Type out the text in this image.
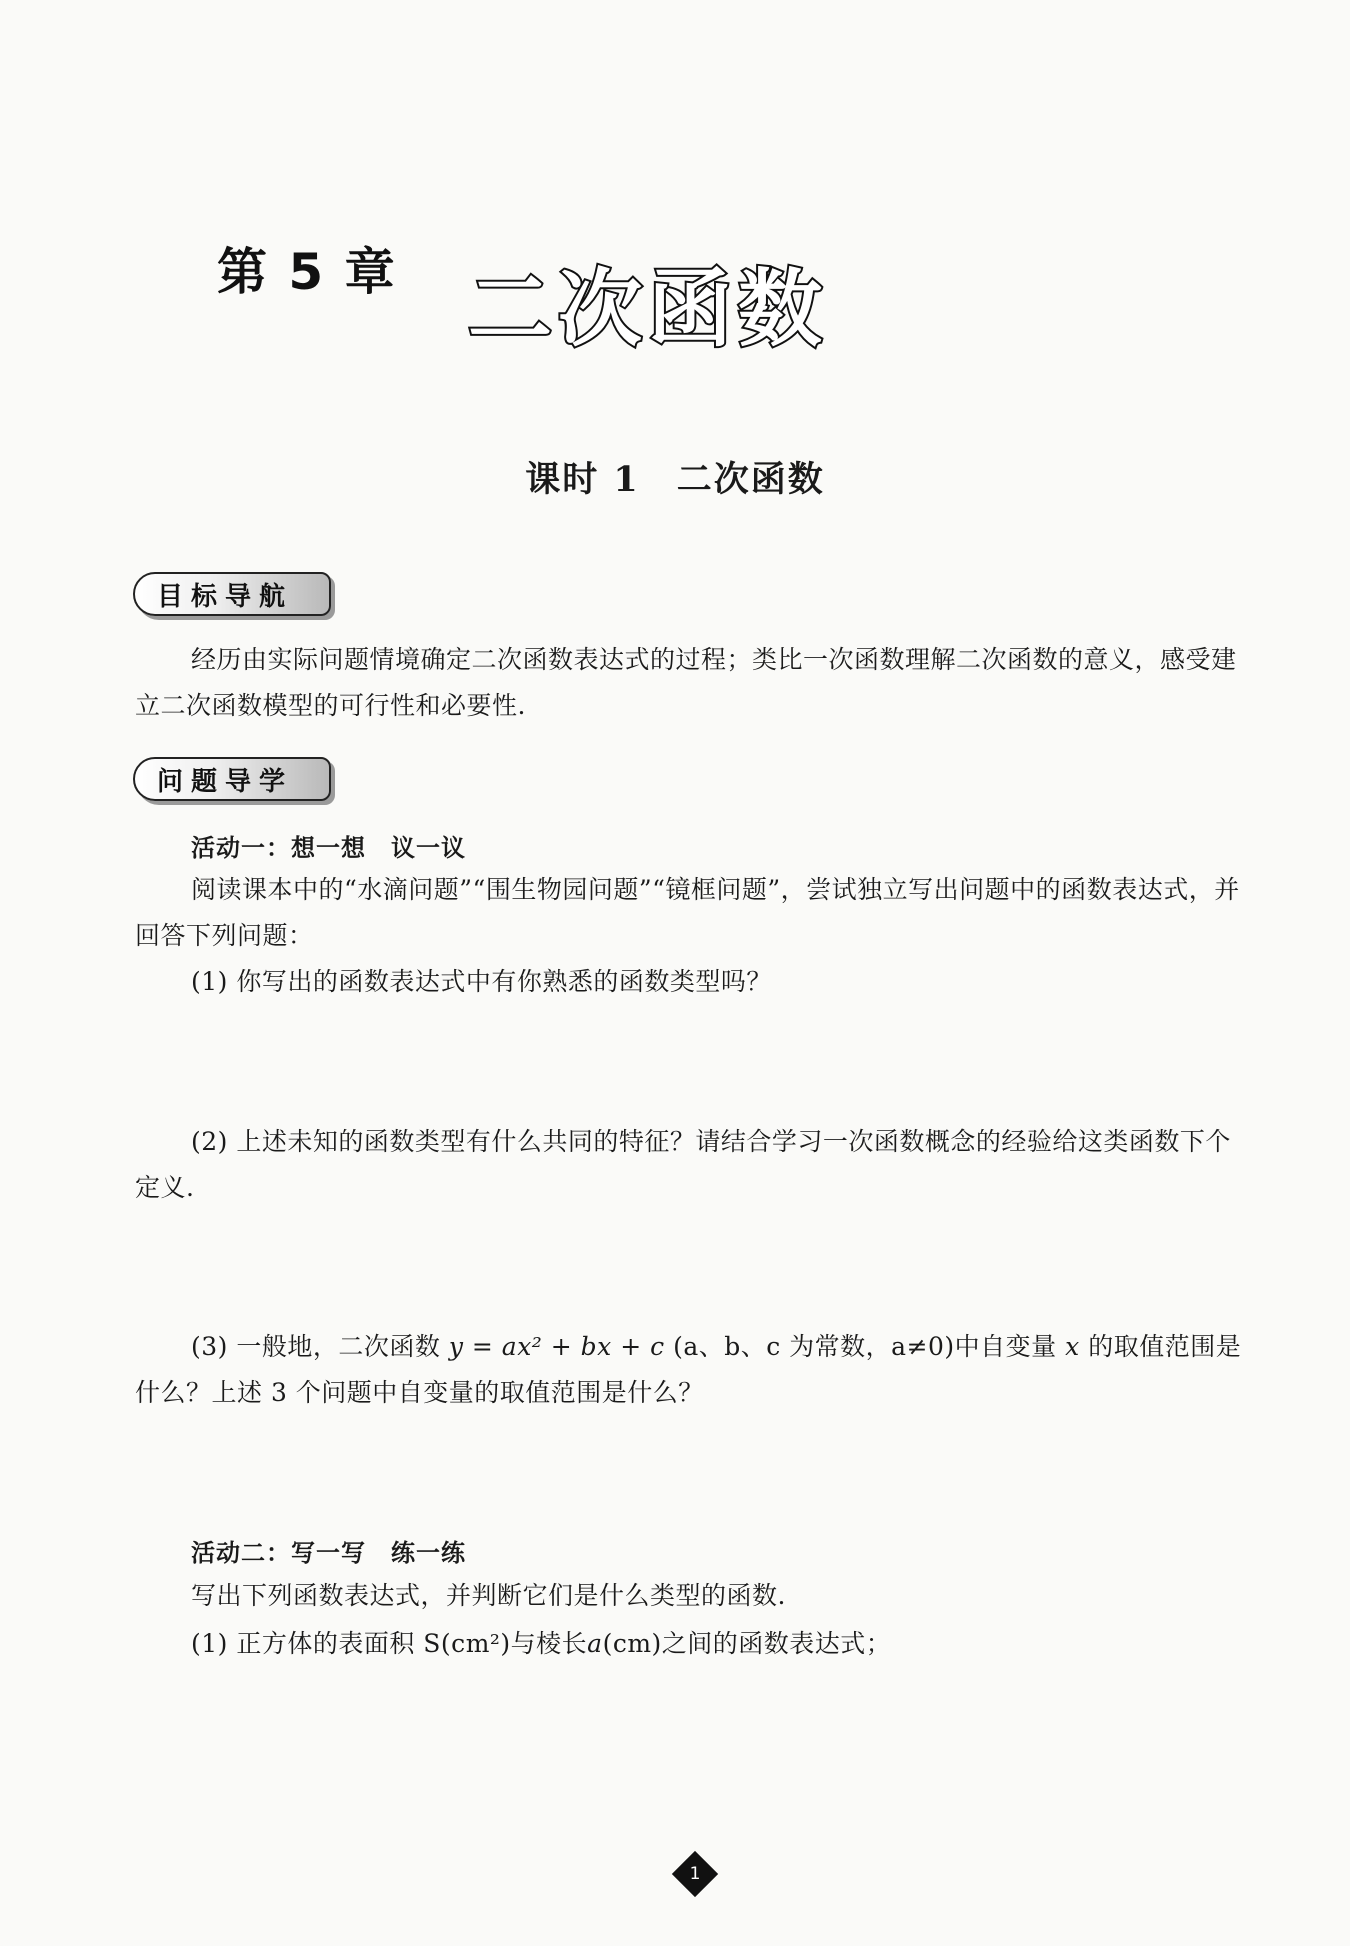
第 5 章 二次函数
课时 1　二次函数
目标导航
经历由实际问题情境确定二次函数表达式的过程；类比一次函数理解二次函数的意义，感受建立二次函数模型的可行性和必要性.
问题导学
活动一：想一想　议一议
阅读课本中的“水滴问题”“围生物园问题”“镜框问题”，尝试独立写出问题中的函数表达式，并回答下列问题：
(1) 你写出的函数表达式中有你熟悉的函数类型吗？
(2) 上述未知的函数类型有什么共同的特征？请结合学习一次函数概念的经验给这类函数下个定义.
(3) 一般地，二次函数 y = ax² + bx + c (a、b、c 为常数，a≠0)中自变量 x 的取值范围是什么？上述 3 个问题中自变量的取值范围是什么？
活动二：写一写　练一练
写出下列函数表达式，并判断它们是什么类型的函数.
(1) 正方体的表面积 S(cm²)与棱长a(cm)之间的函数表达式；
1
